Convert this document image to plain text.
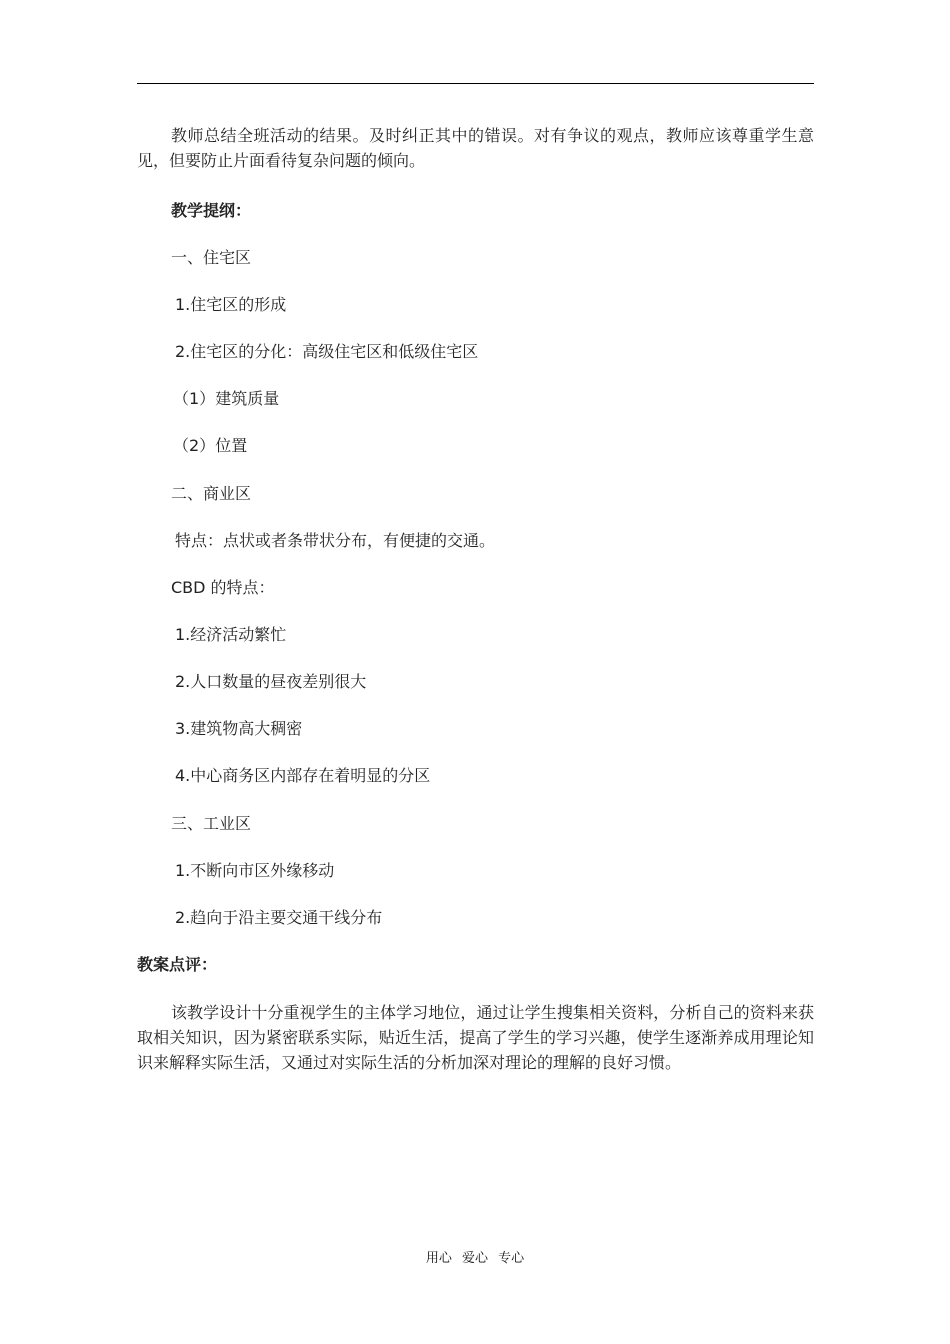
教师总结全班活动的结果。及时纠正其中的错误。对有争议的观点，教师应该尊重学生意见，但要防止片面看待复杂问题的倾向。

教学提纲：
一、住宅区
1.住宅区的形成
2.住宅区的分化：高级住宅区和低级住宅区
（1）建筑质量
（2）位置
二、商业区
特点：点状或者条带状分布，有便捷的交通。
CBD 的特点：
1.经济活动繁忙
2.人口数量的昼夜差别很大
3.建筑物高大稠密
4.中心商务区内部存在着明显的分区
三、工业区
1.不断向市区外缘移动
2.趋向于沿主要交通干线分布
教案点评：

该教学设计十分重视学生的主体学习地位，通过让学生搜集相关资料，分析自己的资料来获取相关知识，因为紧密联系实际，贴近生活，提高了学生的学习兴趣，使学生逐渐养成用理论知识来解释实际生活，又通过对实际生活的分析加深对理论的理解的良好习惯。

用心 爱心 专心
